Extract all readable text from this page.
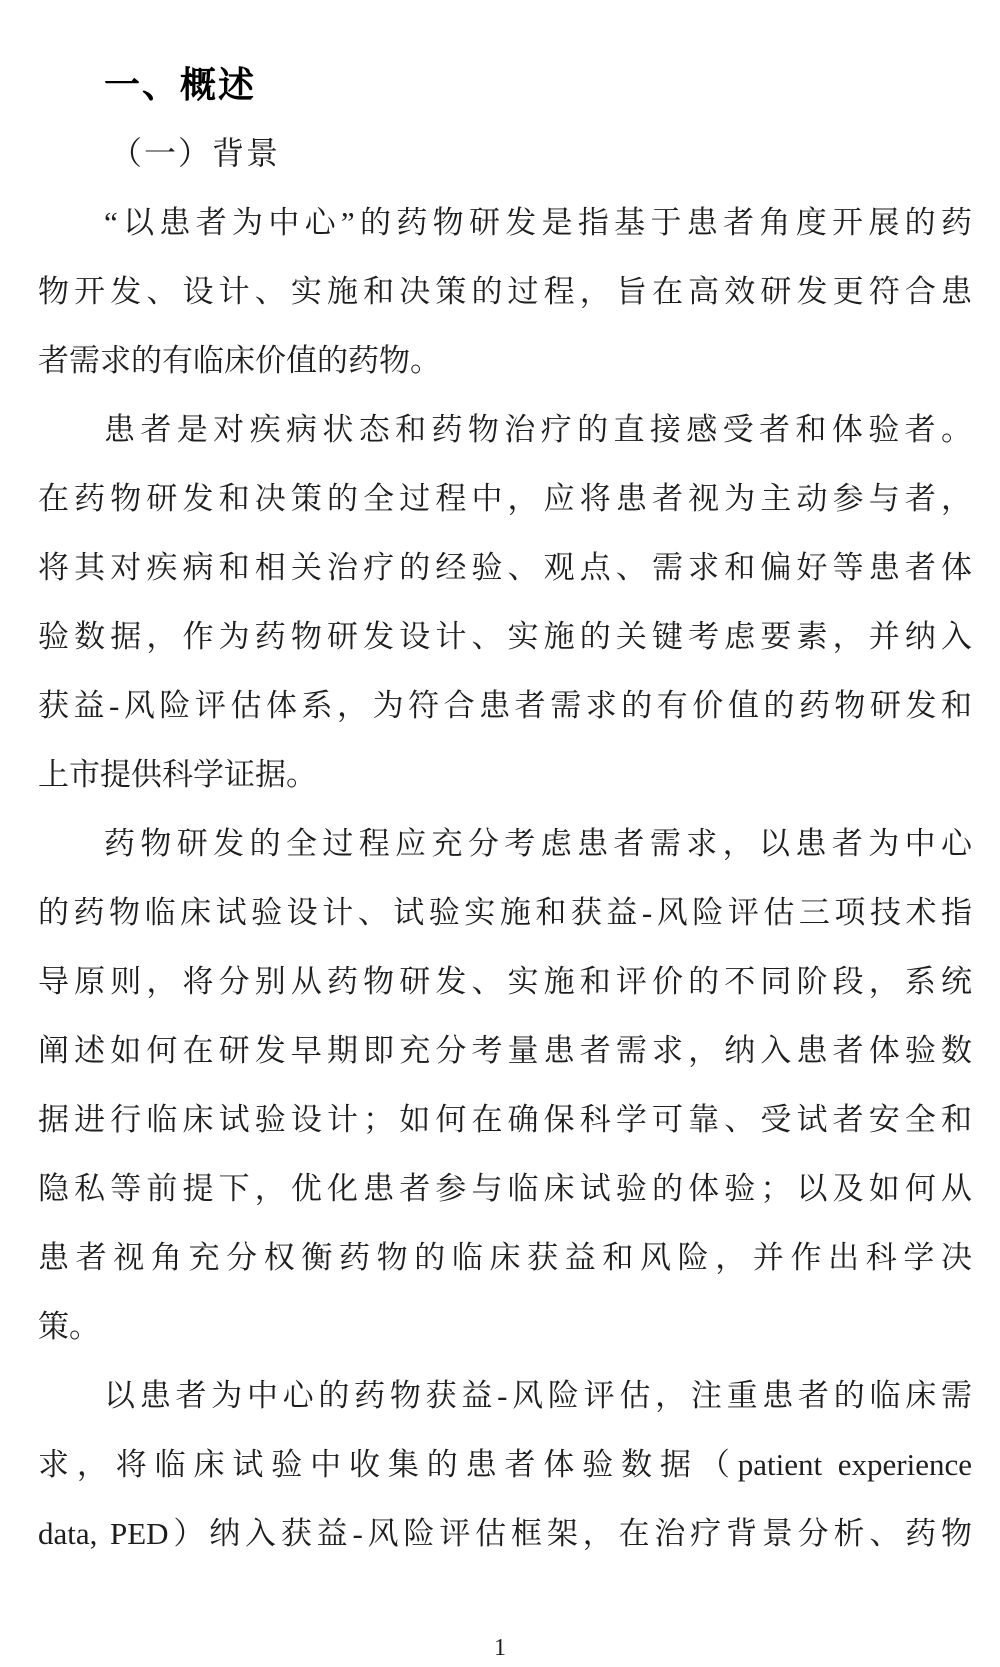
一、概述
（一）背景
“以患者为中心”的药物研发是指基于患者角度开展的药
物开发、设计、实施和决策的过程，旨在高效研发更符合患
者需求的有临床价值的药物。
患者是对疾病状态和药物治疗的直接感受者和体验者。
在药物研发和决策的全过程中，应将患者视为主动参与者，
将其对疾病和相关治疗的经验、观点、需求和偏好等患者体
验数据，作为药物研发设计、实施的关键考虑要素，并纳入
获益-风险评估体系，为符合患者需求的有价值的药物研发和
上市提供科学证据。
药物研发的全过程应充分考虑患者需求，以患者为中心
的药物临床试验设计、试验实施和获益-风险评估三项技术指
导原则，将分别从药物研发、实施和评价的不同阶段，系统
阐述如何在研发早期即充分考量患者需求，纳入患者体验数
据进行临床试验设计；如何在确保科学可靠、受试者安全和
隐私等前提下，优化患者参与临床试验的体验；以及如何从
患者视角充分权衡药物的临床获益和风险，并作出科学决
策。
以患者为中心的药物获益-风险评估，注重患者的临床需
求，将临床试验中收集的患者体验数据（patient experience
data, PED）纳入获益-风险评估框架，在治疗背景分析、药物
1
